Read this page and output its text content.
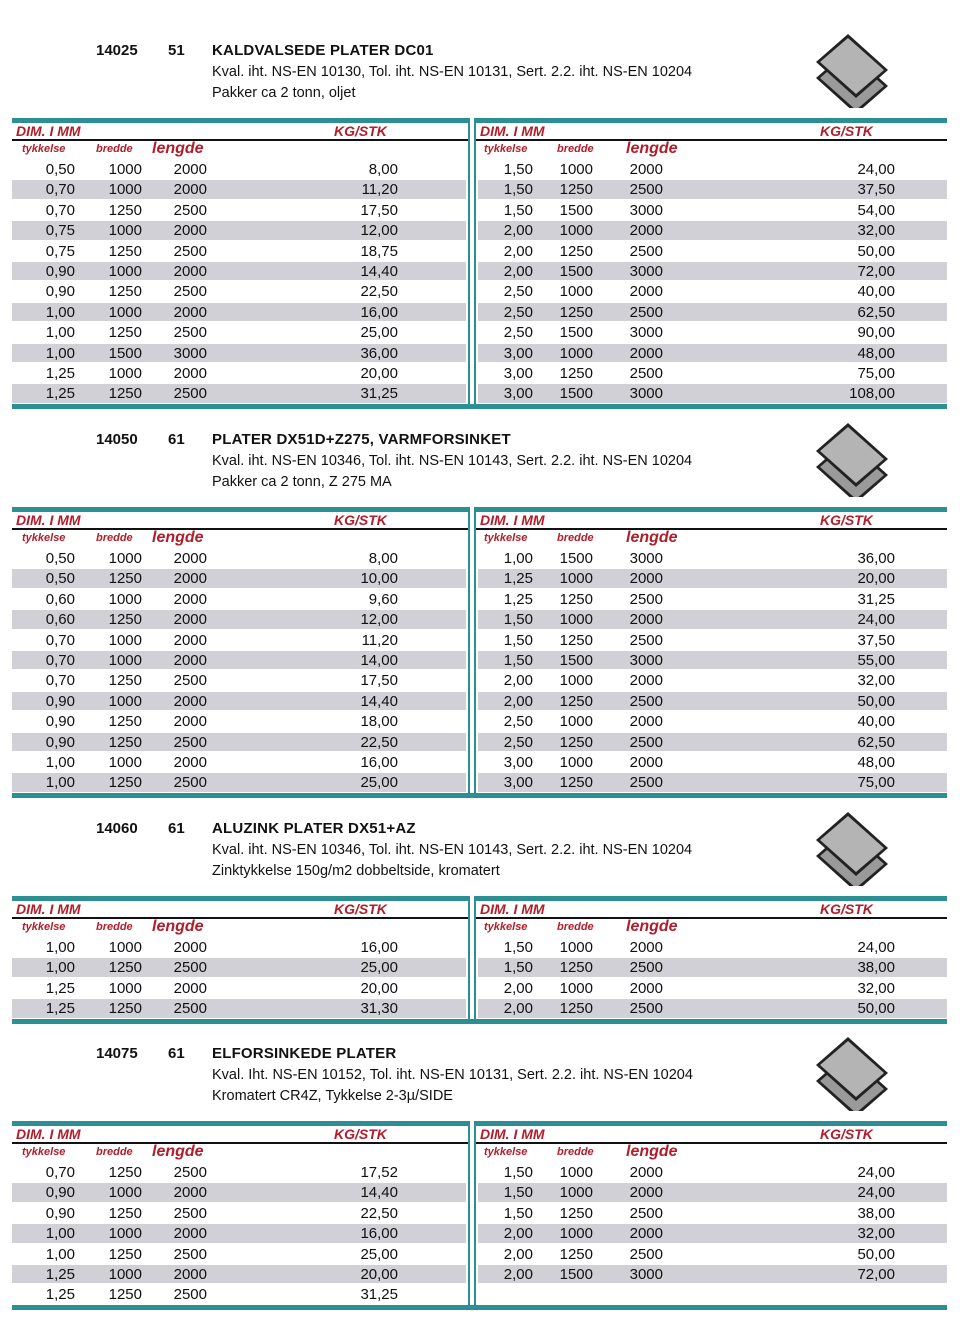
14025 51 KALDVALSEDE PLATER DC01
Kval. iht. NS-EN 10130, Tol. iht. NS-EN 10131, Sert. 2.2. iht. NS-EN 10204
Pakker ca 2 tonn, oljet
DIM. I MM	KG/STK	DIM. I MM	KG/STK
tykkelse	bredde lengde	tykkelse	bredde lengde
0,50	1000	2000	8,00	1,50	1000	2000	24,00
0,70	1000	2000	11,20	1,50	1250	2500	37,50
0,70	1250	2500	17,50	1,50	1500	3000	54,00
0,75	1000	2000	12,00	2,00	1000	2000	32,00
0,75	1250	2500	18,75	2,00	1250	2500	50,00
0,90	1000	2000	14,40	2,00	1500	3000	72,00
0,90	1250	2500	22,50	2,50	1000	2000	40,00
1,00	1000	2000	16,00	2,50	1250	2500	62,50
1,00	1250	2500	25,00	2,50	1500	3000	90,00
1,00	1500	3000	36,00	3,00	1000	2000	48,00
1,25	1000	2000	20,00	3,00	1250	2500	75,00
1,25	1250	2500	31,25	3,00	1500	3000	108,00
14050 61 PLATER DX51D+Z275, VARMFORSINKET
Kval. iht. NS-EN 10346, Tol. iht. NS-EN 10143, Sert. 2.2. iht. NS-EN 10204
Pakker ca 2 tonn, Z 275 MA
DIM. I MM	KG/STK	DIM. I MM	KG/STK
tykkelse	bredde lengde	tykkelse	bredde lengde
0,50	1000	2000	8,00	1,00	1500	3000	36,00
0,50	1250	2000	10,00	1,25	1000	2000	20,00
0,60	1000	2000	9,60	1,25	1250	2500	31,25
0,60	1250	2000	12,00	1,50	1000	2000	24,00
0,70	1000	2000	11,20	1,50	1250	2500	37,50
0,70	1000	2000	14,00	1,50	1500	3000	55,00
0,70	1250	2500	17,50	2,00	1000	2000	32,00
0,90	1000	2000	14,40	2,00	1250	2500	50,00
0,90	1250	2000	18,00	2,50	1000	2000	40,00
0,90	1250	2500	22,50	2,50	1250	2500	62,50
1,00	1000	2000	16,00	3,00	1000	2000	48,00
1,00	1250	2500	25,00	3,00	1250	2500	75,00
14060 61 ALUZINK PLATER DX51+AZ
Kval. iht. NS-EN 10346, Tol. iht. NS-EN 10143, Sert. 2.2. iht. NS-EN 10204
Zinktykkelse 150g/m2 dobbeltside, kromatert
DIM. I MM	KG/STK	DIM. I MM	KG/STK
tykkelse	bredde lengde	tykkelse	bredde lengde
1,00	1000	2000	16,00	1,50	1000	2000	24,00
1,00	1250	2500	25,00	1,50	1250	2500	38,00
1,25	1000	2000	20,00	2,00	1000	2000	32,00
1,25	1250	2500	31,30	2,00	1250	2500	50,00
14075 61 ELFORSINKEDE PLATER
Kval. Iht. NS-EN 10152, Tol. iht. NS-EN 10131, Sert. 2.2. iht. NS-EN 10204
Kromatert CR4Z, Tykkelse 2-3µ/SIDE
DIM. I MM	KG/STK	DIM. I MM	KG/STK
tykkelse	bredde lengde	tykkelse	bredde lengde
0,70	1250	2500	17,52	1,50	1000	2000	24,00
0,90	1000	2000	14,40	1,50	1000	2000	24,00
0,90	1250	2500	22,50	1,50	1250	2500	38,00
1,00	1000	2000	16,00	2,00	1000	2000	32,00
1,00	1250	2500	25,00	2,00	1250	2500	50,00
1,25	1000	2000	20,00	2,00	1500	3000	72,00
1,25	1250	2500	31,25
